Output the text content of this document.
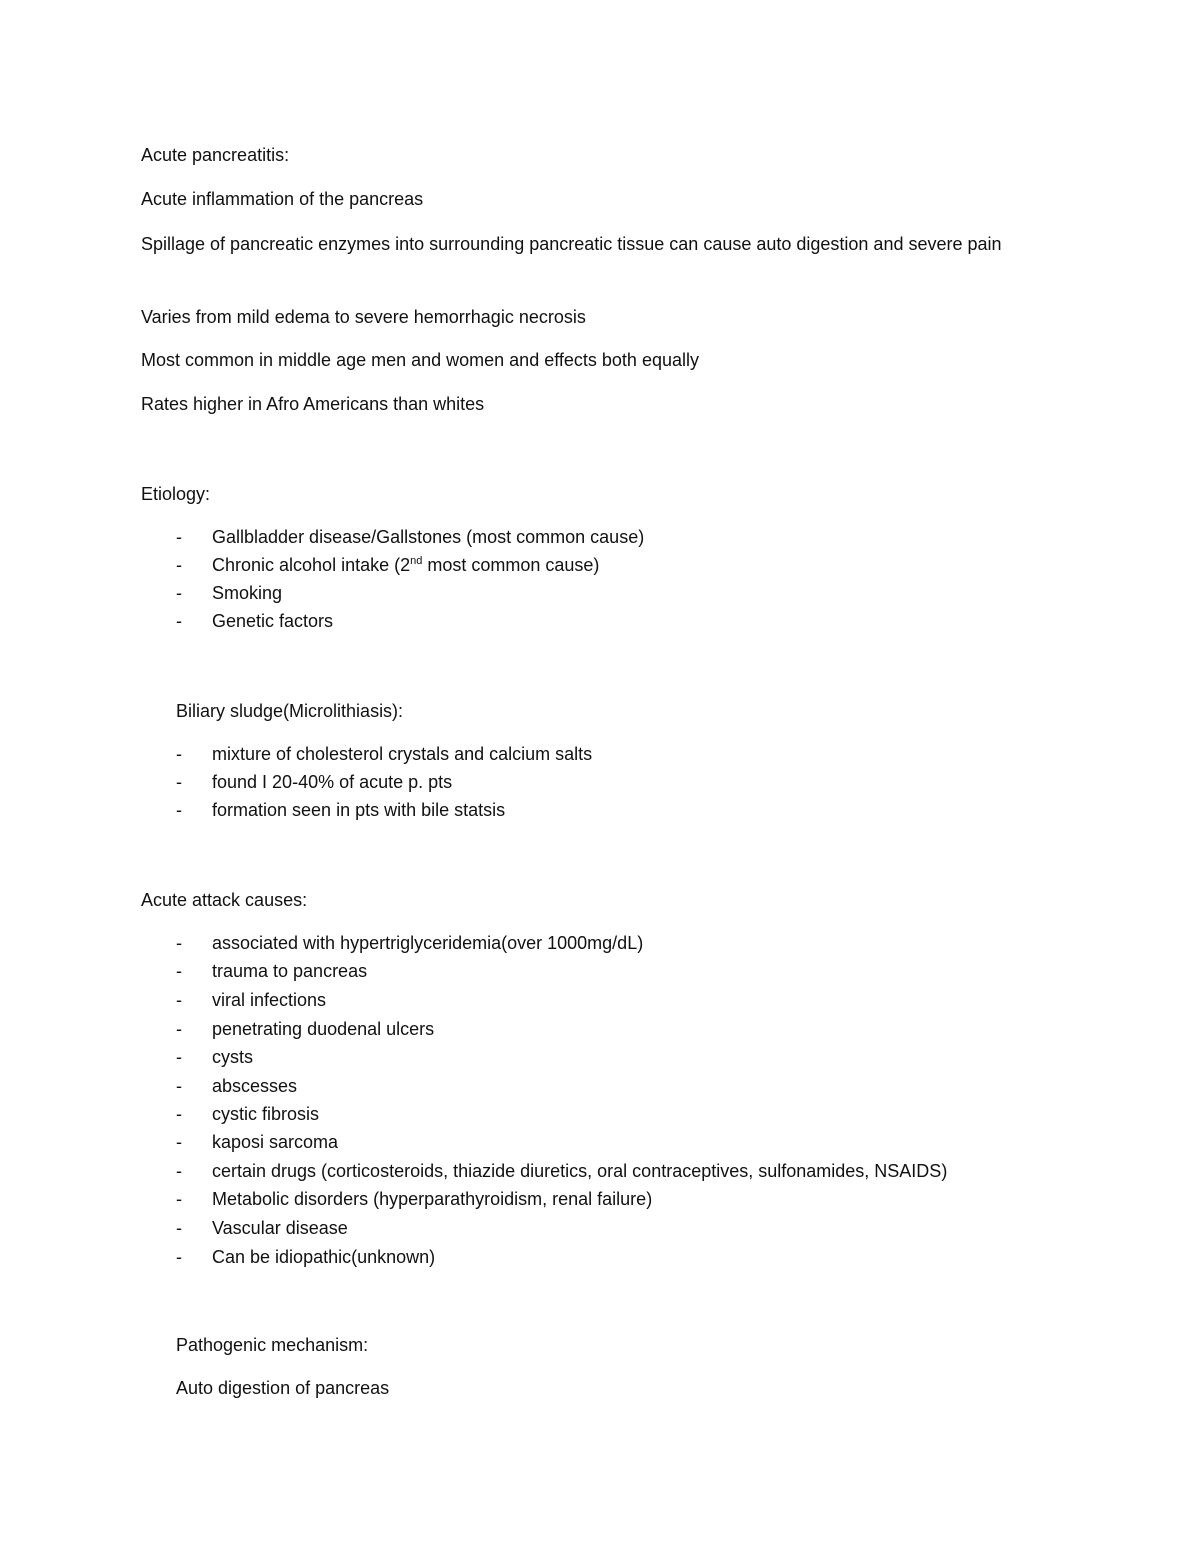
Acute pancreatitis:
Acute inflammation of the pancreas
Spillage of pancreatic enzymes into surrounding pancreatic tissue can cause auto digestion and severe pain
Varies from mild edema to severe hemorrhagic necrosis
Most common in middle age men and women and effects both equally
Rates higher in Afro Americans than whites
Etiology:
- Gallbladder disease/Gallstones (most common cause)
- Chronic alcohol intake (2nd most common cause)
- Smoking
- Genetic factors
Biliary sludge(Microlithiasis):
- mixture of cholesterol crystals and calcium salts
- found I 20-40% of acute p. pts
- formation seen in pts with bile statsis
Acute attack causes:
- associated with hypertriglyceridemia(over 1000mg/dL)
- trauma to pancreas
- viral infections
- penetrating duodenal ulcers
- cysts
- abscesses
- cystic fibrosis
- kaposi sarcoma
- certain drugs (corticosteroids, thiazide diuretics, oral contraceptives, sulfonamides, NSAIDS)
- Metabolic disorders (hyperparathyroidism, renal failure)
- Vascular disease
- Can be idiopathic(unknown)
Pathogenic mechanism:
Auto digestion of pancreas
